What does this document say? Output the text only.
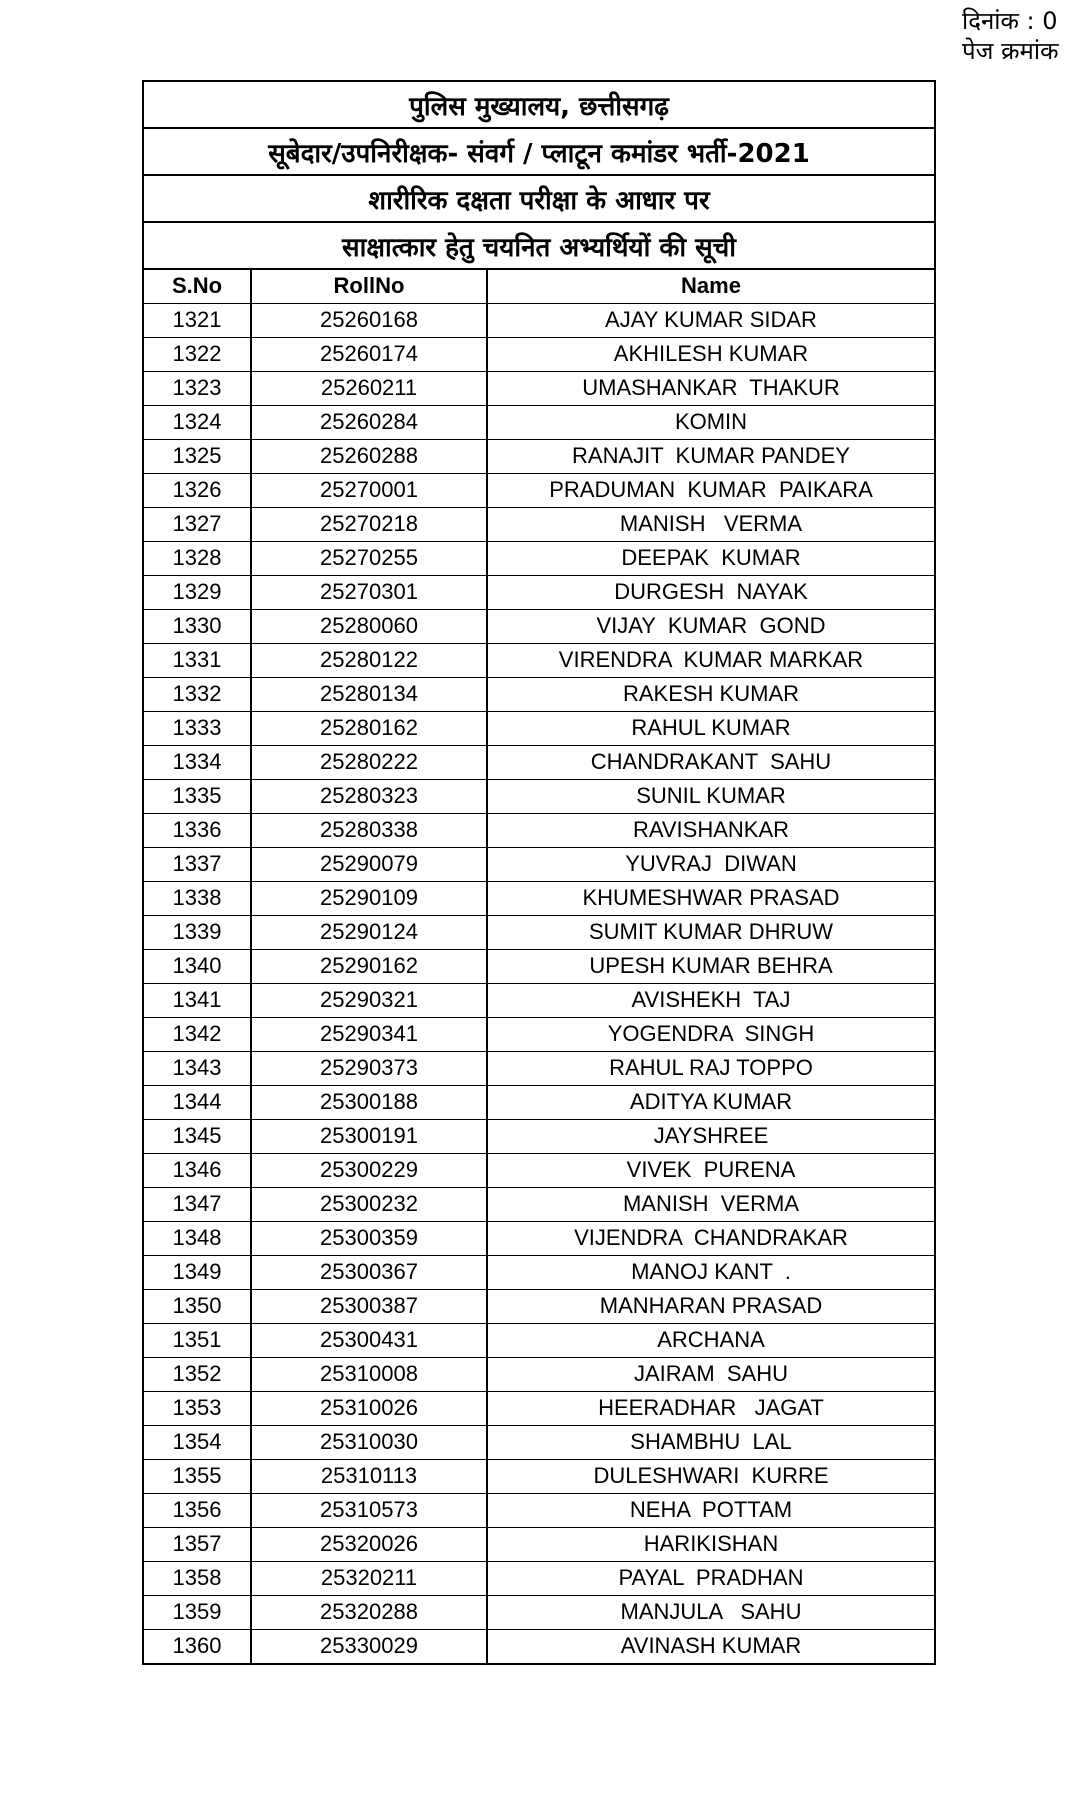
दिनांक : 0
पेज क्रमांक
पुलिस मुख्यालय, छत्तीसगढ़
सूबेदार/उपनिरीक्षक- संवर्ग / प्लाटून कमांडर भर्ती-2021
शारीरिक दक्षता परीक्षा के आधार पर
साक्षात्कार हेतु चयनित अभ्यर्थियों की सूची
S.No	RollNo	Name
1321	25260168	AJAY KUMAR SIDAR
1322	25260174	AKHILESH KUMAR
1323	25260211	UMASHANKAR  THAKUR
1324	25260284	KOMIN
1325	25260288	RANAJIT  KUMAR PANDEY
1326	25270001	PRADUMAN  KUMAR  PAIKARA
1327	25270218	MANISH   VERMA
1328	25270255	DEEPAK  KUMAR
1329	25270301	DURGESH  NAYAK
1330	25280060	VIJAY  KUMAR  GOND
1331	25280122	VIRENDRA  KUMAR MARKAR
1332	25280134	RAKESH KUMAR
1333	25280162	RAHUL KUMAR
1334	25280222	CHANDRAKANT  SAHU
1335	25280323	SUNIL KUMAR
1336	25280338	RAVISHANKAR
1337	25290079	YUVRAJ  DIWAN
1338	25290109	KHUMESHWAR PRASAD
1339	25290124	SUMIT KUMAR DHRUW
1340	25290162	UPESH KUMAR BEHRA
1341	25290321	AVISHEKH  TAJ
1342	25290341	YOGENDRA  SINGH
1343	25290373	RAHUL RAJ TOPPO
1344	25300188	ADITYA KUMAR
1345	25300191	JAYSHREE
1346	25300229	VIVEK  PURENA
1347	25300232	MANISH  VERMA
1348	25300359	VIJENDRA  CHANDRAKAR
1349	25300367	MANOJ KANT  .
1350	25300387	MANHARAN PRASAD
1351	25300431	ARCHANA
1352	25310008	JAIRAM  SAHU
1353	25310026	HEERADHAR   JAGAT
1354	25310030	SHAMBHU  LAL
1355	25310113	DULESHWARI  KURRE
1356	25310573	NEHA  POTTAM
1357	25320026	HARIKISHAN
1358	25320211	PAYAL  PRADHAN
1359	25320288	MANJULA   SAHU
1360	25330029	AVINASH KUMAR
